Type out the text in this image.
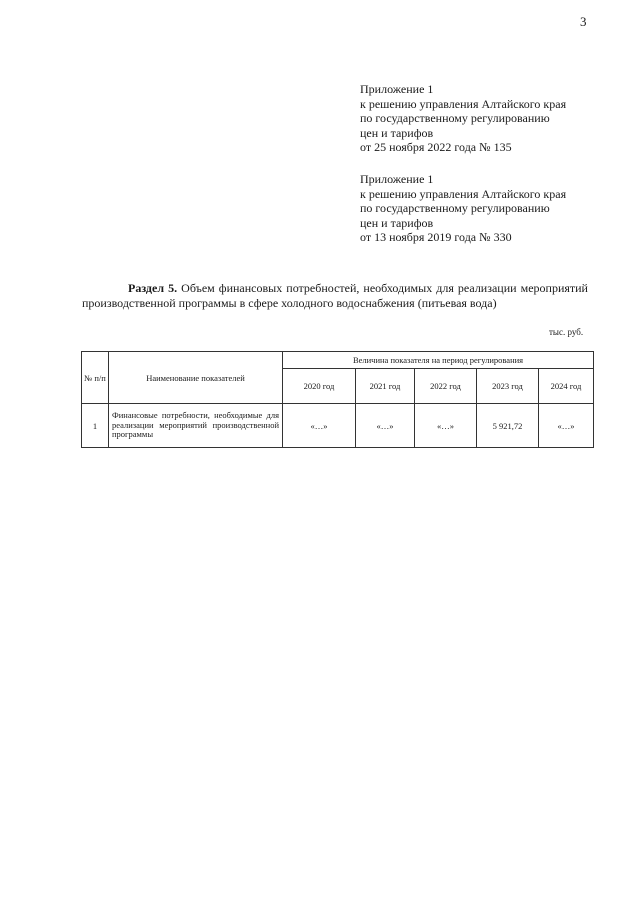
3
Приложение 1
к решению управления Алтайского края
по государственному регулированию
цен и тарифов
от 25 ноября 2022 года № 135
Приложение 1
к решению управления Алтайского края
по государственному регулированию
цен и тарифов
от 13 ноября 2019 года № 330
Раздел 5. Объем финансовых потребностей, необходимых для реализации мероприятий производственной программы в сфере холодного водоснабжения (питьевая вода)
тыс. руб.
№ п/п	Наименование показателей	Величина показателя на период регулирования				
		2020 год	2021 год	2022 год	2023 год	2024 год
1	Финансовые потребности, необходимые для реализации мероприятий производственной программы	«…»	«…»	«…»	5 921,72	«…»
